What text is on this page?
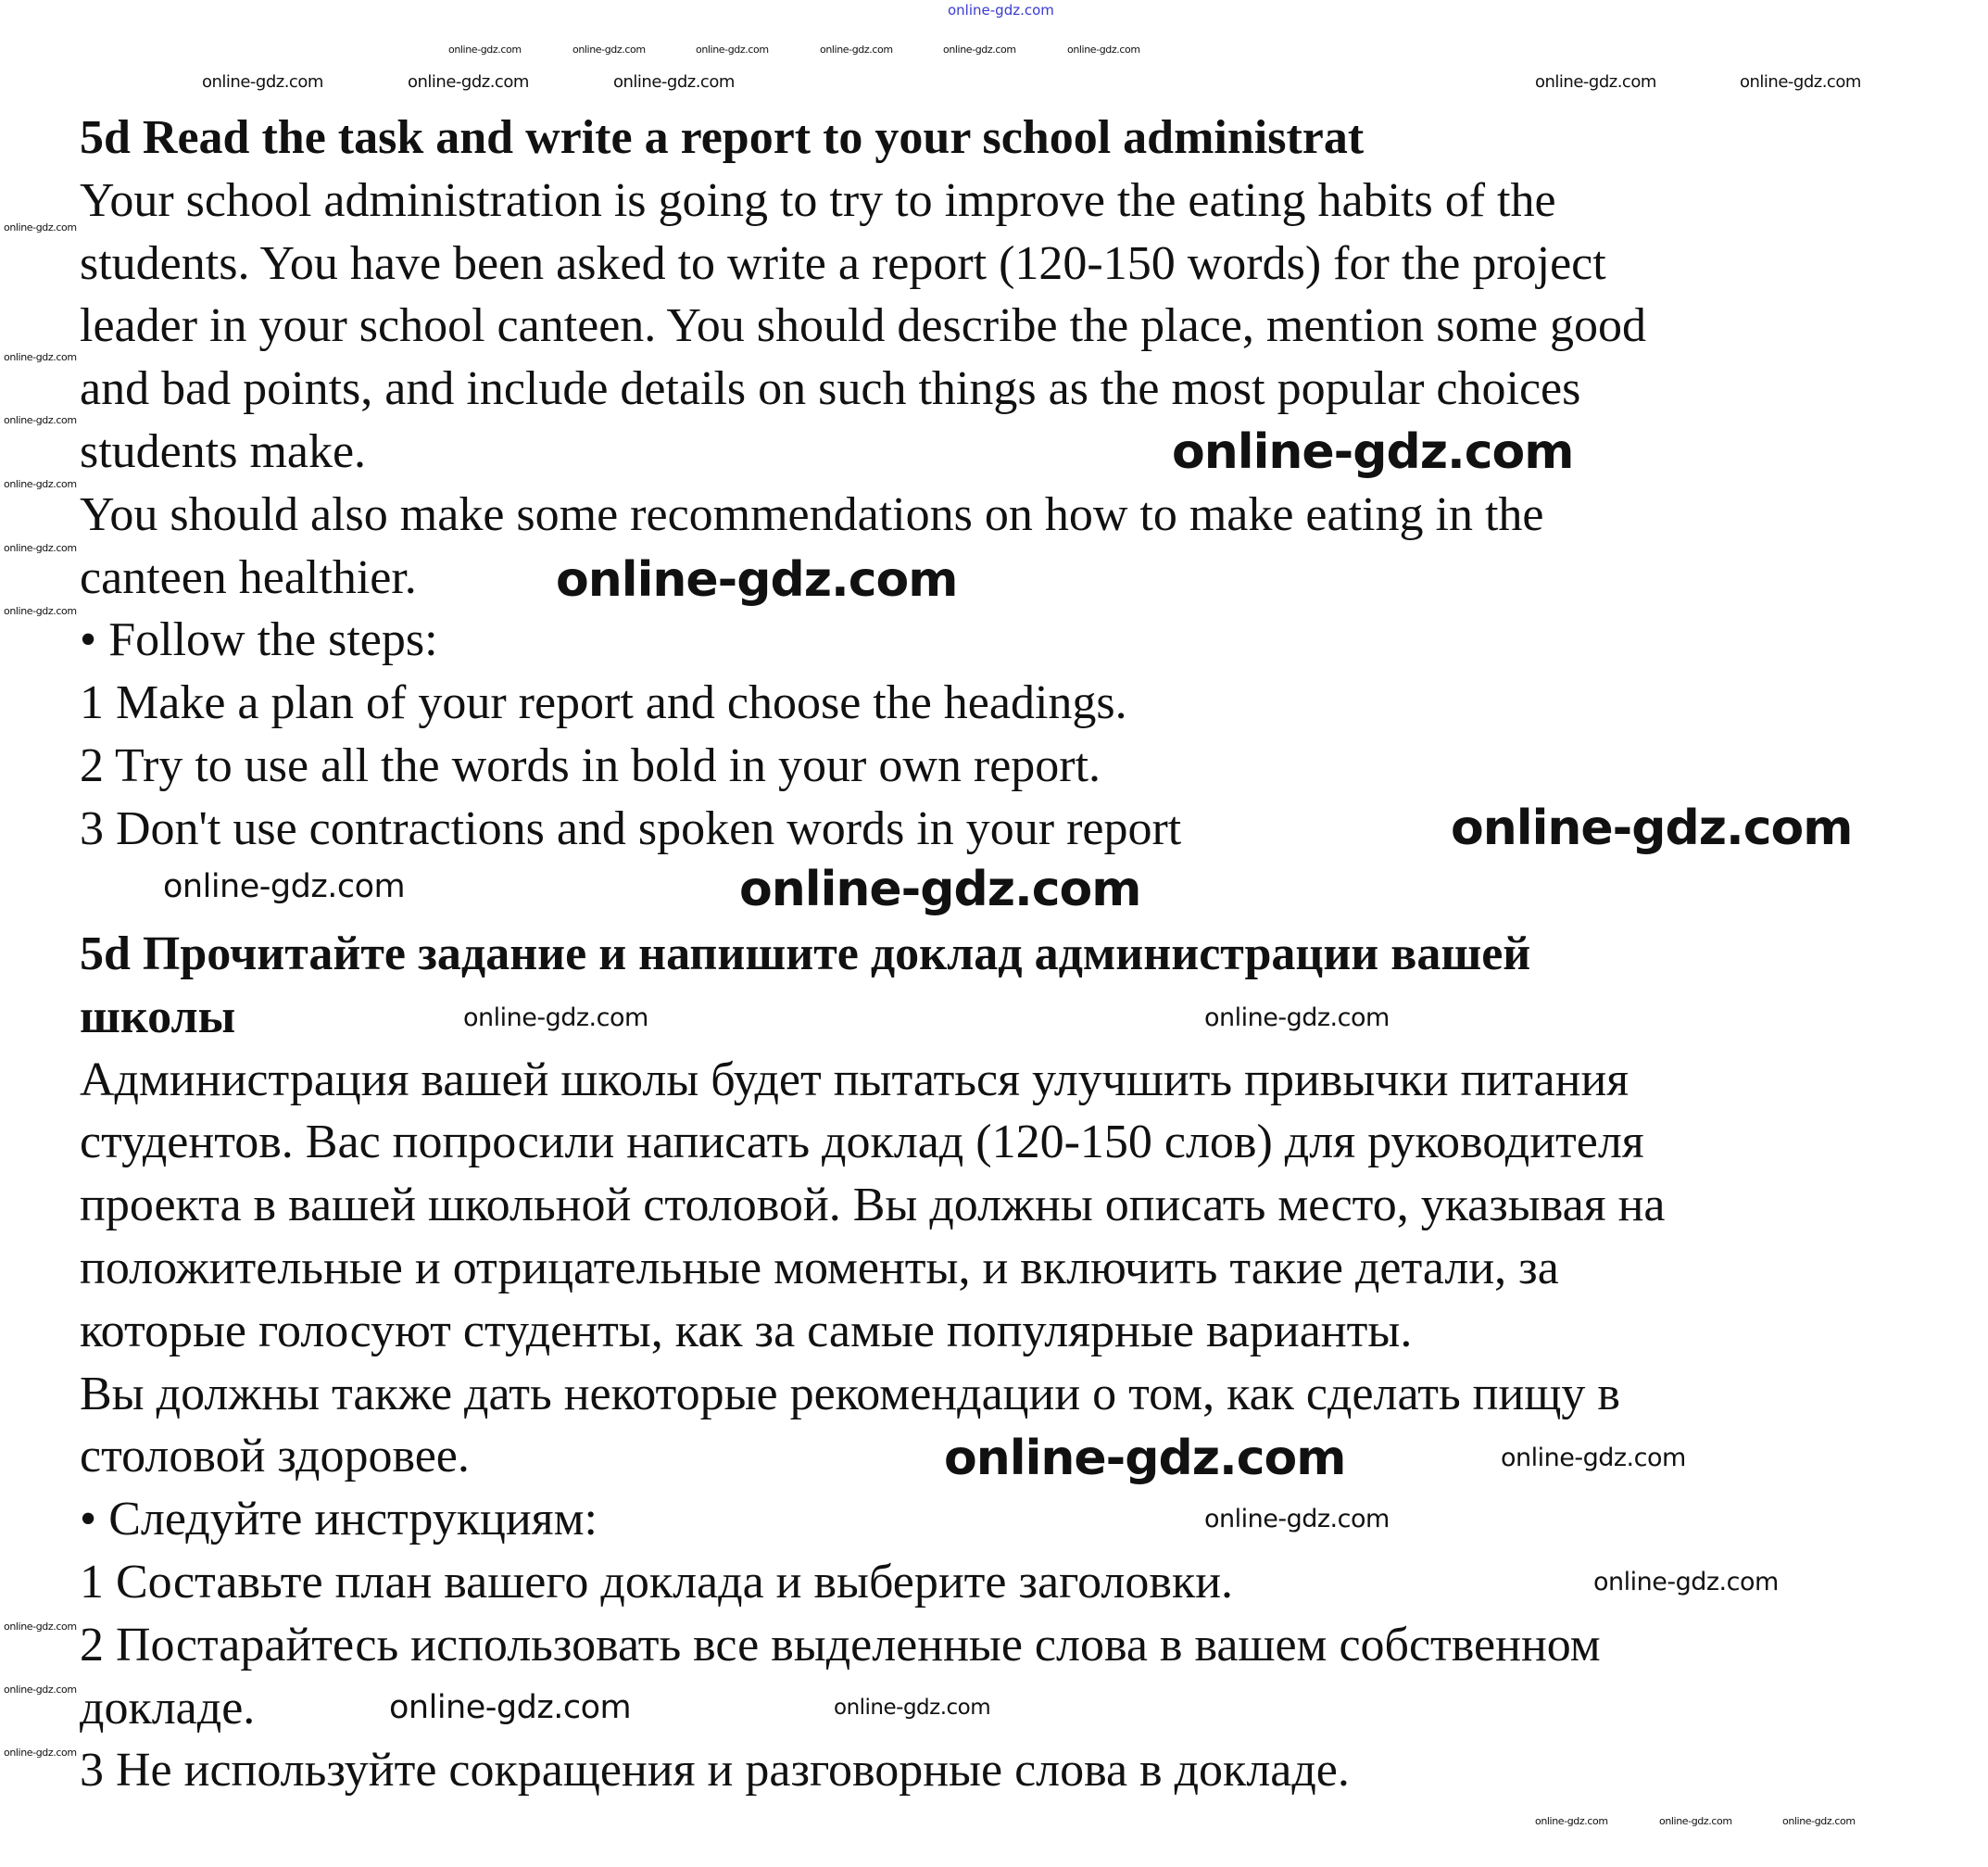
5d Read the task and write a report to your school administrat
Your school administration is going to try to improve the eating habits of the
students. You have been asked to write a report (120-150 words) for the project
leader in your school canteen. You should describe the place, mention some good
and bad points, and include details on such things as the most popular choices
students make.
You should also make some recommendations on how to make eating in the
canteen healthier.
• Follow the steps:
1 Make a plan of your report and choose the headings.
2 Try to use all the words in bold in your own report.
3 Don't use contractions and spoken words in your report
5d Прочитайте задание и напишите доклад администрации вашей
школы
Администрация вашей школы будет пытаться улучшить привычки питания
студентов. Вас попросили написать доклад (120-150 слов) для руководителя
проекта в вашей школьной столовой. Вы должны описать место, указывая на
положительные и отрицательные моменты, и включить такие детали, за
которые голосуют студенты, как за самые популярные варианты.
Вы должны также дать некоторые рекомендации о том, как сделать пищу в
столовой здоровее.
• Следуйте инструкциям:
1 Составьте план вашего доклада и выберите заголовки.
2 Постарайтесь использовать все выделенные слова в вашем собственном
докладе.
3 Не используйте сокращения и разговорные слова в докладе.
online-gdz.com
online-gdz.com	online-gdz.com	online-gdz.com	online-gdz.com	online-gdz.com	online-gdz.com
online-gdz.com	online-gdz.com
online-gdz.com	online-gdz.com	online-gdz.com
online-gdz.com
online-gdz.com
online-gdz.com
online-gdz.com
online-gdz.com
online-gdz.com
online-gdz.com
online-gdz.com
online-gdz.com
online-gdz.com	online-gdz.com
online-gdz.com	online-gdz.com
online-gdz.com	online-gdz.com
online-gdz.com
online-gdz.com
online-gdz.com	online-gdz.com
online-gdz.com
online-gdz.com
online-gdz.com
online-gdz.com	online-gdz.com	online-gdz.com
